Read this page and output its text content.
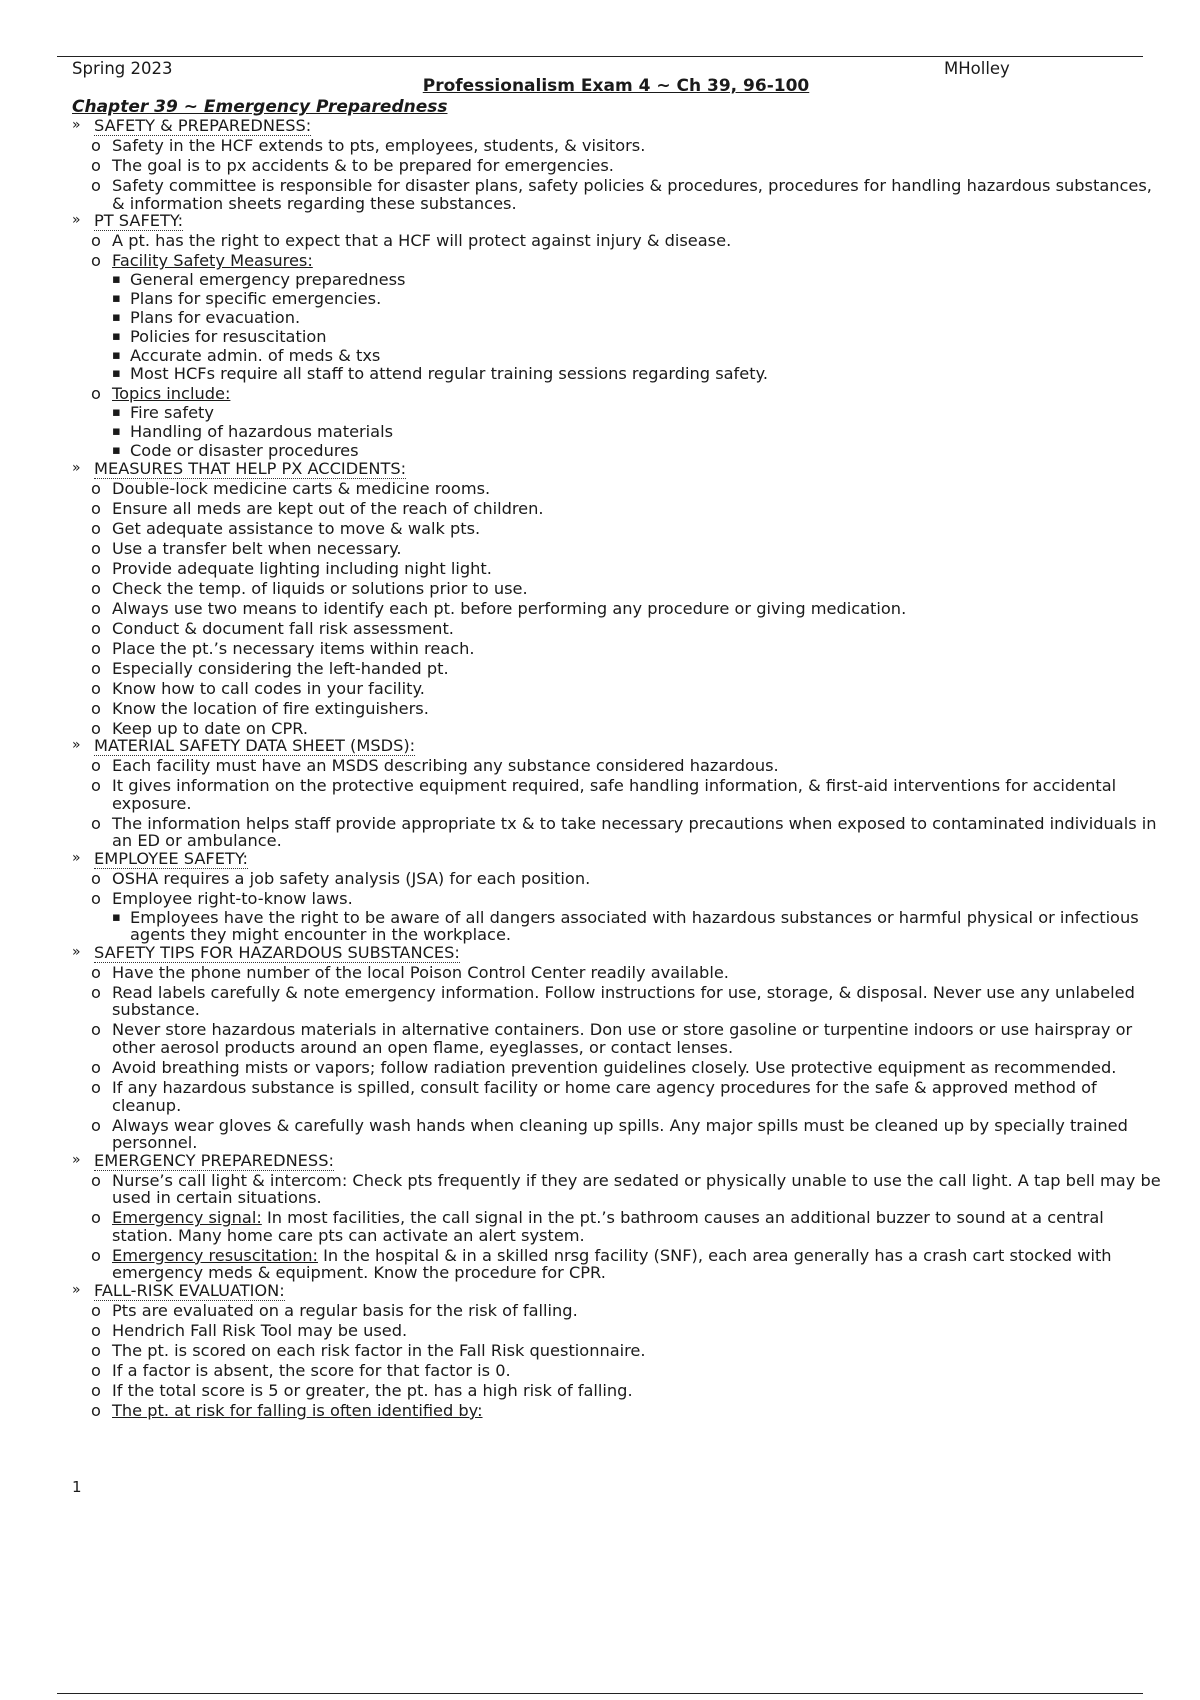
Spring 2023	MHolley
Professionalism Exam 4 ~ Ch 39, 96-100
Chapter 39 ~ Emergency Preparedness
» SAFETY & PREPAREDNESS:
o Safety in the HCF extends to pts, employees, students, & visitors.
o The goal is to px accidents & to be prepared for emergencies.
o Safety committee is responsible for disaster plans, safety policies & procedures, procedures for handling hazardous substances, & information sheets regarding these substances.
» PT SAFETY:
o A pt. has the right to expect that a HCF will protect against injury & disease.
o Facility Safety Measures:
▪ General emergency preparedness
▪ Plans for specific emergencies.
▪ Plans for evacuation.
▪ Policies for resuscitation
▪ Accurate admin. of meds & txs
▪ Most HCFs require all staff to attend regular training sessions regarding safety.
o Topics include:
▪ Fire safety
▪ Handling of hazardous materials
▪ Code or disaster procedures
» MEASURES THAT HELP PX ACCIDENTS:
o Double-lock medicine carts & medicine rooms.
o Ensure all meds are kept out of the reach of children.
o Get adequate assistance to move & walk pts.
o Use a transfer belt when necessary.
o Provide adequate lighting including night light.
o Check the temp. of liquids or solutions prior to use.
o Always use two means to identify each pt. before performing any procedure or giving medication.
o Conduct & document fall risk assessment.
o Place the pt.’s necessary items within reach.
o Especially considering the left-handed pt.
o Know how to call codes in your facility.
o Know the location of fire extinguishers.
o Keep up to date on CPR.
» MATERIAL SAFETY DATA SHEET (MSDS):
o Each facility must have an MSDS describing any substance considered hazardous.
o It gives information on the protective equipment required, safe handling information, & first-aid interventions for accidental exposure.
o The information helps staff provide appropriate tx & to take necessary precautions when exposed to contaminated individuals in an ED or ambulance.
» EMPLOYEE SAFETY:
o OSHA requires a job safety analysis (JSA) for each position.
o Employee right-to-know laws.
▪ Employees have the right to be aware of all dangers associated with hazardous substances or harmful physical or infectious agents they might encounter in the workplace.
» SAFETY TIPS FOR HAZARDOUS SUBSTANCES:
o Have the phone number of the local Poison Control Center readily available.
o Read labels carefully & note emergency information. Follow instructions for use, storage, & disposal. Never use any unlabeled substance.
o Never store hazardous materials in alternative containers. Don use or store gasoline or turpentine indoors or use hairspray or other aerosol products around an open flame, eyeglasses, or contact lenses.
o Avoid breathing mists or vapors; follow radiation prevention guidelines closely. Use protective equipment as recommended.
o If any hazardous substance is spilled, consult facility or home care agency procedures for the safe & approved method of cleanup.
o Always wear gloves & carefully wash hands when cleaning up spills. Any major spills must be cleaned up by specially trained personnel.
» EMERGENCY PREPAREDNESS:
o Nurse’s call light & intercom: Check pts frequently if they are sedated or physically unable to use the call light. A tap bell may be used in certain situations.
o Emergency signal: In most facilities, the call signal in the pt.’s bathroom causes an additional buzzer to sound at a central station. Many home care pts can activate an alert system.
o Emergency resuscitation: In the hospital & in a skilled nrsg facility (SNF), each area generally has a crash cart stocked with emergency meds & equipment. Know the procedure for CPR.
» FALL-RISK EVALUATION:
o Pts are evaluated on a regular basis for the risk of falling.
o Hendrich Fall Risk Tool may be used.
o The pt. is scored on each risk factor in the Fall Risk questionnaire.
o If a factor is absent, the score for that factor is 0.
o If the total score is 5 or greater, the pt. has a high risk of falling.
o The pt. at risk for falling is often identified by:
1
